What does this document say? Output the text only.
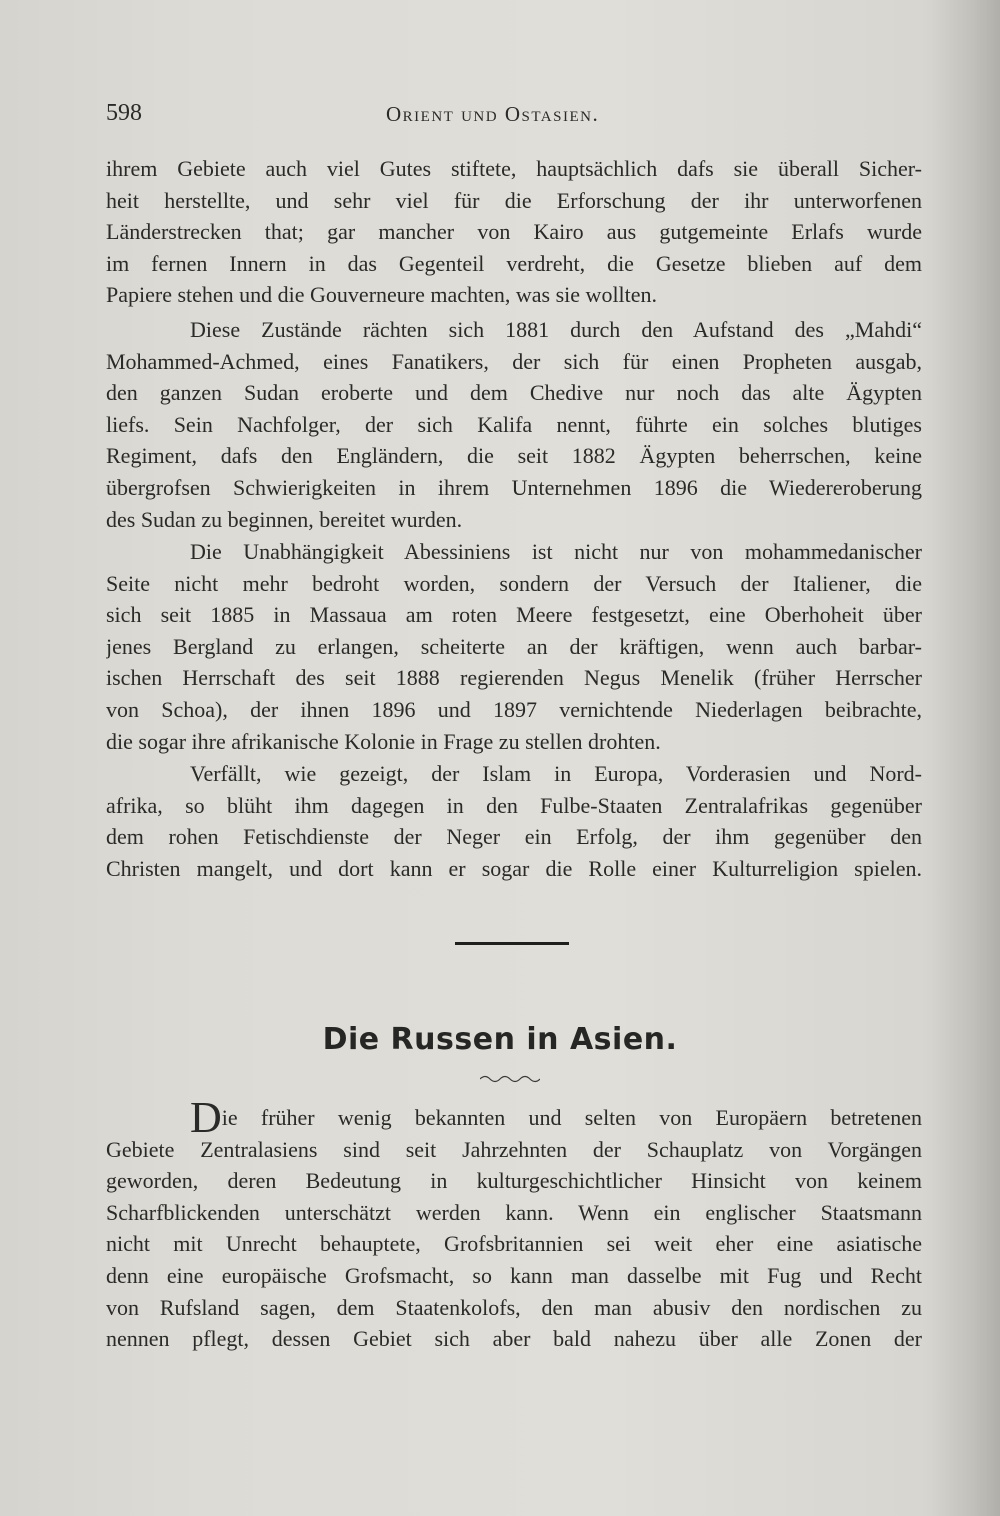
598	Orient und Ostasien.
ihrem Gebiete auch viel Gutes stiftete, hauptsächlich dafs sie überall Sicher-
heit herstellte, und sehr viel für die Erforschung der ihr unterworfenen
Länderstrecken that; gar mancher von Kairo aus gutgemeinte Erlafs wurde
im fernen Innern in das Gegenteil verdreht, die Gesetze blieben auf dem
Papiere stehen und die Gouverneure machten, was sie wollten.
Diese Zustände rächten sich 1881 durch den Aufstand des „Mahdi“
Mohammed-Achmed, eines Fanatikers, der sich für einen Propheten ausgab,
den ganzen Sudan eroberte und dem Chedive nur noch das alte Ägypten
liefs. Sein Nachfolger, der sich Kalifa nennt, führte ein solches blutiges
Regiment, dafs den Engländern, die seit 1882 Ägypten beherrschen, keine
übergrofsen Schwierigkeiten in ihrem Unternehmen 1896 die Wiedereroberung
des Sudan zu beginnen, bereitet wurden.
Die Unabhängigkeit Abessiniens ist nicht nur von mohammedanischer
Seite nicht mehr bedroht worden, sondern der Versuch der Italiener, die
sich seit 1885 in Massaua am roten Meere festgesetzt, eine Oberhoheit über
jenes Bergland zu erlangen, scheiterte an der kräftigen, wenn auch barbar-
ischen Herrschaft des seit 1888 regierenden Negus Menelik (früher Herrscher
von Schoa), der ihnen 1896 und 1897 vernichtende Niederlagen beibrachte,
die sogar ihre afrikanische Kolonie in Frage zu stellen drohten.
Verfällt, wie gezeigt, der Islam in Europa, Vorderasien und Nord-
afrika, so blüht ihm dagegen in den Fulbe-Staaten Zentralafrikas gegenüber
dem rohen Fetischdienste der Neger ein Erfolg, der ihm gegenüber den
Christen mangelt, und dort kann er sogar die Rolle einer Kulturreligion spielen.
Die Russen in Asien.
Die früher wenig bekannten und selten von Europäern betretenen
Gebiete Zentralasiens sind seit Jahrzehnten der Schauplatz von Vorgängen
geworden, deren Bedeutung in kulturgeschichtlicher Hinsicht von keinem
Scharfblickenden unterschätzt werden kann. Wenn ein englischer Staatsmann
nicht mit Unrecht behauptete, Grofsbritannien sei weit eher eine asiatische
denn eine europäische Grofsmacht, so kann man dasselbe mit Fug und Recht
von Rufsland sagen, dem Staatenkolofs, den man abusiv den nordischen zu
nennen pflegt, dessen Gebiet sich aber bald nahezu über alle Zonen der
